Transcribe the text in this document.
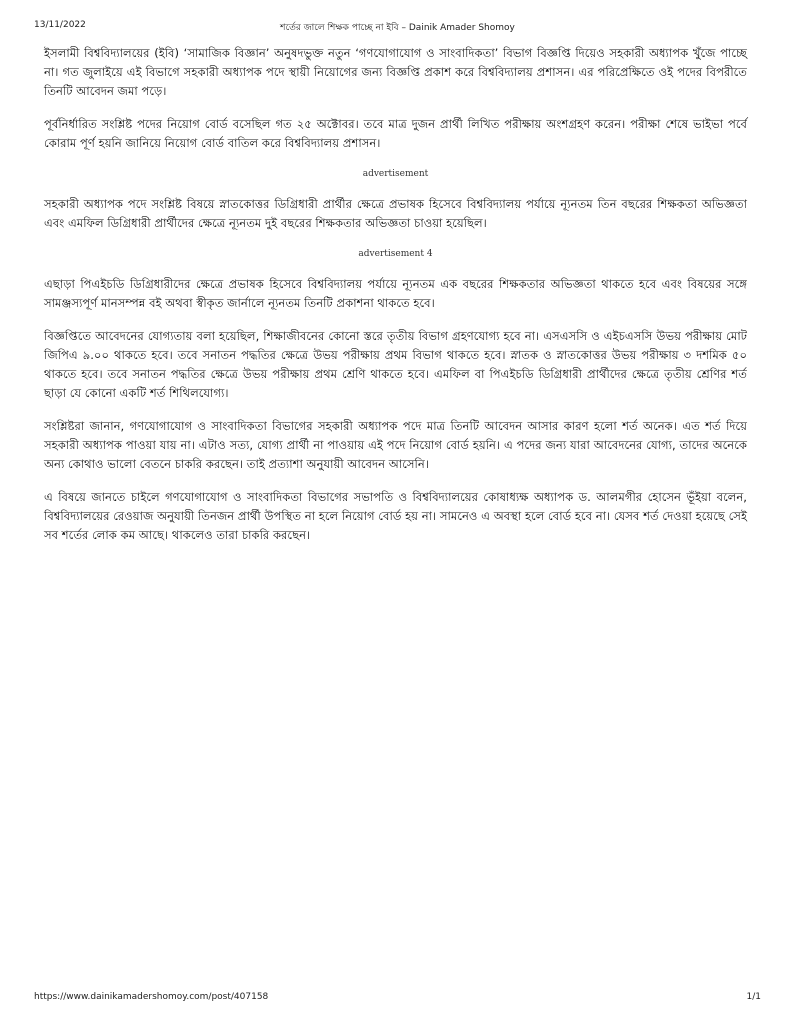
13/11/2022	শর্তের জালে শিক্ষক পাচ্ছে না ইবি – Dainik Amader Shomoy

ইসলামী বিশ্ববিদ্যালয়ের (ইবি) ‘সামাজিক বিজ্ঞান’ অনুষদভুক্ত নতুন ‘গণযোগাযোগ ও সাংবাদিকতা’ বিভাগ বিজ্ঞপ্তি দিয়েও সহকারী অধ্যাপক খুঁজে পাচ্ছে না। গত জুলাইয়ে এই বিভাগে সহকারী অধ্যাপক পদে স্থায়ী নিয়োগের জন্য বিজ্ঞপ্তি প্রকাশ করে বিশ্ববিদ্যালয় প্রশাসন। এর পরিপ্রেক্ষিতে ওই পদের বিপরীতে তিনটি আবেদন জমা পড়ে।

পূর্বনির্ধারিত সংশ্লিষ্ট পদের নিয়োগ বোর্ড বসেছিল গত ২৫ অক্টোবর। তবে মাত্র দুজন প্রার্থী লিখিত পরীক্ষায় অংশগ্রহণ করেন। পরীক্ষা শেষে ভাইভা পর্বে কোরাম পূর্ণ হয়নি জানিয়ে নিয়োগ বোর্ড বাতিল করে বিশ্ববিদ্যালয় প্রশাসন।

advertisement

সহকারী অধ্যাপক পদে সংশ্লিষ্ট বিষয়ে স্নাতকোত্তর ডিগ্রিধারী প্রার্থীর ক্ষেত্রে প্রভাষক হিসেবে বিশ্ববিদ্যালয় পর্যায়ে ন্যূনতম তিন বছরের শিক্ষকতা অভিজ্ঞতা এবং এমফিল ডিগ্রিধারী প্রার্থীদের ক্ষেত্রে ন্যূনতম দুই বছরের শিক্ষকতার অভিজ্ঞতা চাওয়া হয়েছিল।

advertisement 4

এছাড়া পিএইচডি ডিগ্রিধারীদের ক্ষেত্রে প্রভাষক হিসেবে বিশ্ববিদ্যালয় পর্যায়ে ন্যূনতম এক বছরের শিক্ষকতার অভিজ্ঞতা থাকতে হবে এবং বিষয়ের সঙ্গে সামঞ্জস্যপূর্ণ মানসম্পন্ন বই অথবা স্বীকৃত জার্নালে ন্যূনতম তিনটি প্রকাশনা থাকতে হবে।

বিজ্ঞপ্তিতে আবেদনের যোগ্যতায় বলা হয়েছিল, শিক্ষাজীবনের কোনো স্তরে তৃতীয় বিভাগ গ্রহণযোগ্য হবে না। এসএসসি ও এইচএসসি উভয় পরীক্ষায় মোট জিপিএ ৯.০০ থাকতে হবে। তবে সনাতন পদ্ধতির ক্ষেত্রে উভয় পরীক্ষায় প্রথম বিভাগ থাকতে হবে। স্নাতক ও স্নাতকোত্তর উভয় পরীক্ষায় ৩ দশমিক ৫০ থাকতে হবে। তবে সনাতন পদ্ধতির ক্ষেত্রে উভয় পরীক্ষায় প্রথম শ্রেণি থাকতে হবে। এমফিল বা পিএইচডি ডিগ্রিধারী প্রার্থীদের ক্ষেত্রে তৃতীয় শ্রেণির শর্ত ছাড়া যে কোনো একটি শর্ত শিথিলযোগ্য।

সংশ্লিষ্টরা জানান, গণযোগাযোগ ও সাংবাদিকতা বিভাগের সহকারী অধ্যাপক পদে মাত্র তিনটি আবেদন আসার কারণ হলো শর্ত অনেক। এত শর্ত দিয়ে সহকারী অধ্যাপক পাওয়া যায় না। এটাও সত্য, যোগ্য প্রার্থী না পাওয়ায় এই পদে নিয়োগ বোর্ড হয়নি। এ পদের জন্য যারা আবেদনের যোগ্য, তাদের অনেকে অন্য কোথাও ভালো বেতনে চাকরি করছেন। তাই প্রত্যাশা অনুযায়ী আবেদন আসেনি।

এ বিষয়ে জানতে চাইলে গণযোগাযোগ ও সাংবাদিকতা বিভাগের সভাপতি ও বিশ্ববিদ্যালয়ের কোষাধ্যক্ষ অধ্যাপক ড. আলমগীর হোসেন ভূঁইয়া বলেন, বিশ্ববিদ্যালয়ের রেওয়াজ অনুযায়ী তিনজন প্রার্থী উপস্থিত না হলে নিয়োগ বোর্ড হয় না। সামনেও এ অবস্থা হলে বোর্ড হবে না। যেসব শর্ত দেওয়া হয়েছে সেই সব শর্তের লোক কম আছে। থাকলেও তারা চাকরি করছেন।

https://www.dainikamadershomoy.com/post/407158	1/1
